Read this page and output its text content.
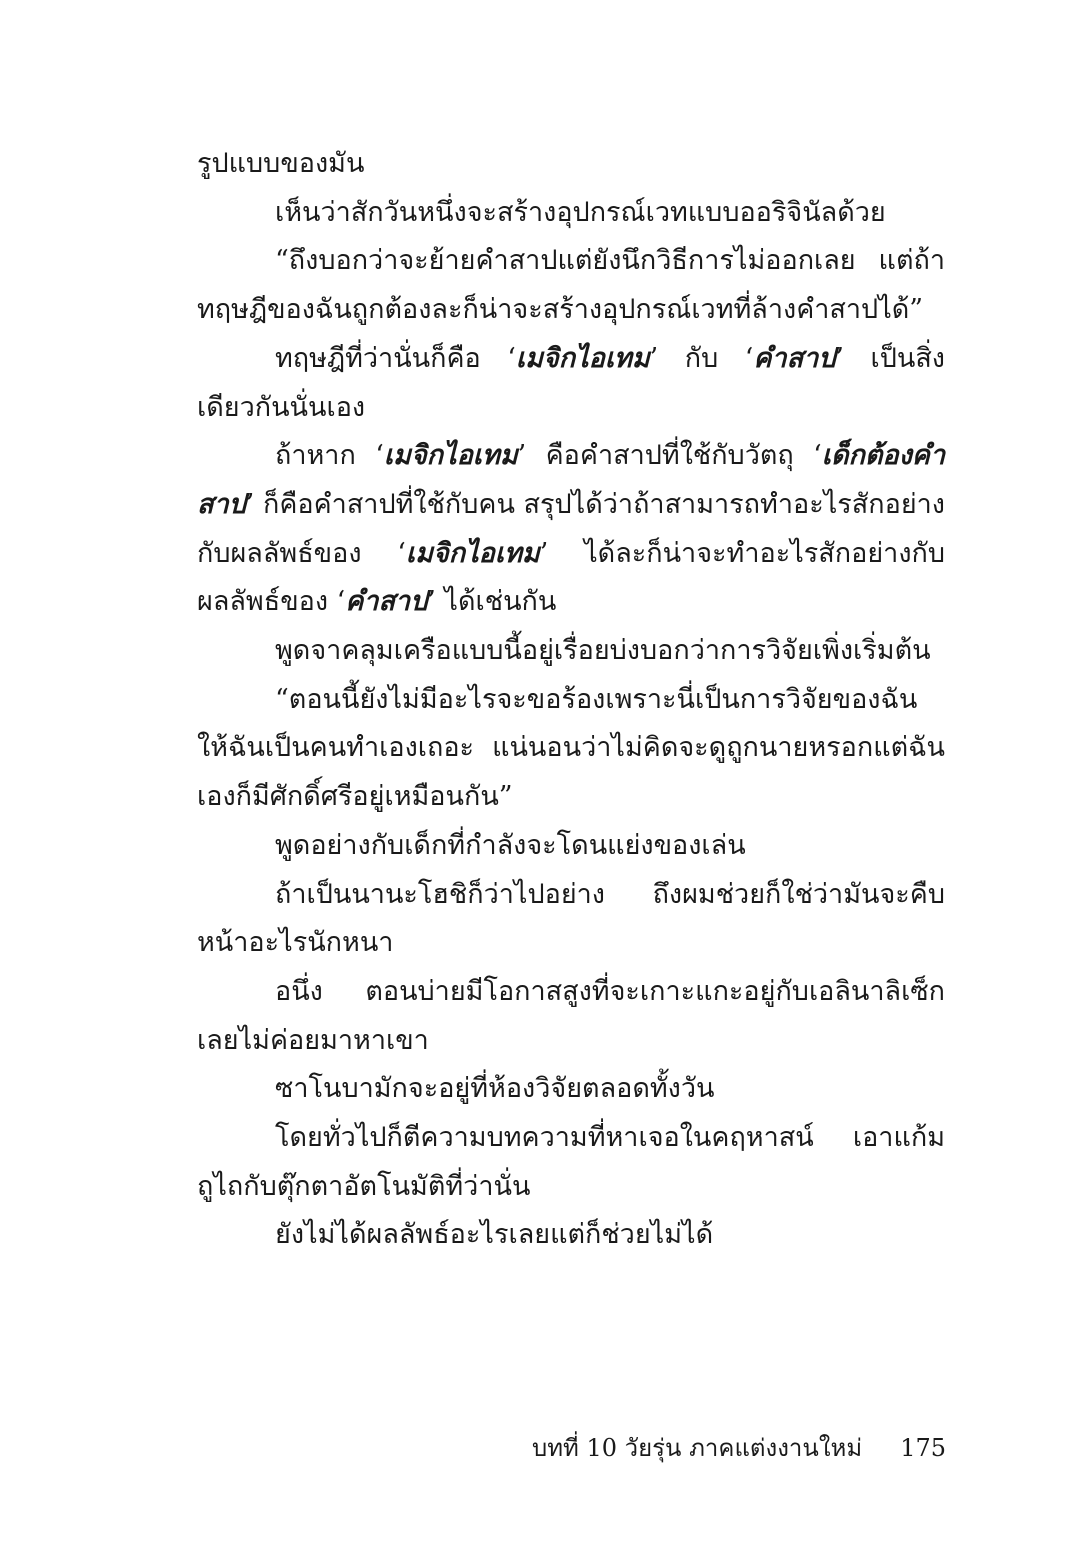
รูปแบบของมัน

เห็นว่าสักวันหนึ่งจะสร้างอุปกรณ์เวทแบบออริจินัลด้วย

“ถึงบอกว่าจะย้ายคำสาปแต่ยังนึกวิธีการไม่ออกเลย แต่ถ้าทฤษฎีของฉันถูกต้องละก็น่าจะสร้างอุปกรณ์เวทที่ล้างคำสาปได้”

ทฤษฎีที่ว่านั่นก็คือ ‘เมจิกไอเทม’ กับ ‘คำสาป’ เป็นสิ่งเดียวกันนั่นเอง

ถ้าหาก ‘เมจิกไอเทม’ คือคำสาปที่ใช้กับวัตถุ ‘เด็กต้องคำสาป’ ก็คือคำสาปที่ใช้กับคน สรุปได้ว่าถ้าสามารถทำอะไรสักอย่างกับผลลัพธ์ของ ‘เมจิกไอเทม’ ได้ละก็น่าจะทำอะไรสักอย่างกับผลลัพธ์ของ ‘คำสาป’ ได้เช่นกัน

พูดจาคลุมเครือแบบนี้อยู่เรื่อยบ่งบอกว่าการวิจัยเพิ่งเริ่มต้น

“ตอนนี้ยังไม่มีอะไรจะขอร้องเพราะนี่เป็นการวิจัยของฉัน ให้ฉันเป็นคนทำเองเถอะ แน่นอนว่าไม่คิดจะดูถูกนายหรอกแต่ฉันเองก็มีศักดิ์ศรีอยู่เหมือนกัน”

พูดอย่างกับเด็กที่กำลังจะโดนแย่งของเล่น

ถ้าเป็นนานะโฮชิก็ว่าไปอย่าง ถึงผมช่วยก็ใช่ว่ามันจะคืบหน้าอะไรนักหนา

อนึ่ง ตอนบ่ายมีโอกาสสูงที่จะเกาะแกะอยู่กับเอลินาลิเซ็กเลยไม่ค่อยมาหาเขา

ซาโนบามักจะอยู่ที่ห้องวิจัยตลอดทั้งวัน

โดยทั่วไปก็ตีความบทความที่หาเจอในคฤหาสน์ เอาแก้มถูไถกับตุ๊กตาอัตโนมัติที่ว่านั่น

ยังไม่ได้ผลลัพธ์อะไรเลยแต่ก็ช่วยไม่ได้

บทที่ 10 วัยรุ่น ภาคแต่งงานใหม่ 175
